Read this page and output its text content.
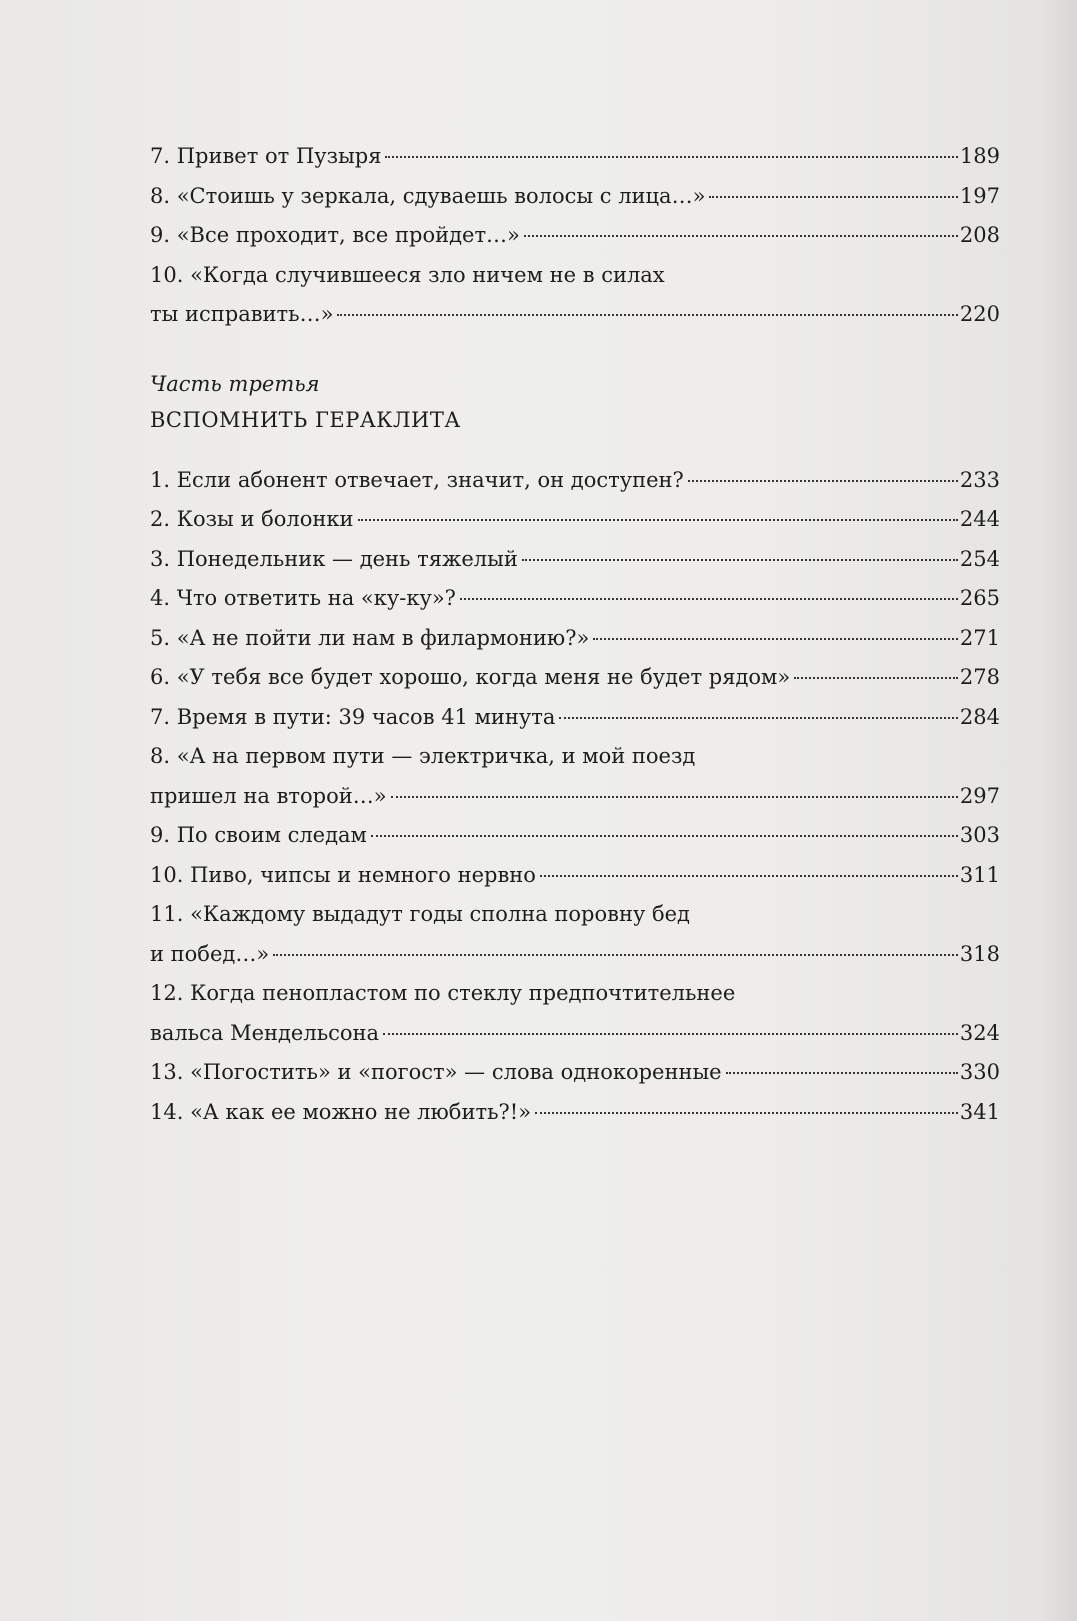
7. Привет от Пузыря	189
8. «Стоишь у зеркала, сдуваешь волосы с лица…»	197
9. «Все проходит, все пройдет…»	208
10. «Когда случившееся зло ничем не в силах
ты исправить…»	220
Часть третья
ВСПОМНИТЬ ГЕРАКЛИТА
1. Если абонент отвечает, значит, он доступен?	233
2. Козы и болонки	244
3. Понедельник — день тяжелый	254
4. Что ответить на «ку-ку»?	265
5. «А не пойти ли нам в филармонию?»	271
6. «У тебя все будет хорошо, когда меня не будет рядом»	278
7. Время в пути: 39 часов 41 минута	284
8. «А на первом пути — электричка, и мой поезд
пришел на второй…»	297
9. По своим следам	303
10. Пиво, чипсы и немного нервно	311
11. «Каждому выдадут годы сполна поровну бед
и побед…»	318
12. Когда пенопластом по стеклу предпочтительнее
вальса Мендельсона	324
13. «Погостить» и «погост» — слова однокоренные	330
14. «А как ее можно не любить?!»	341
